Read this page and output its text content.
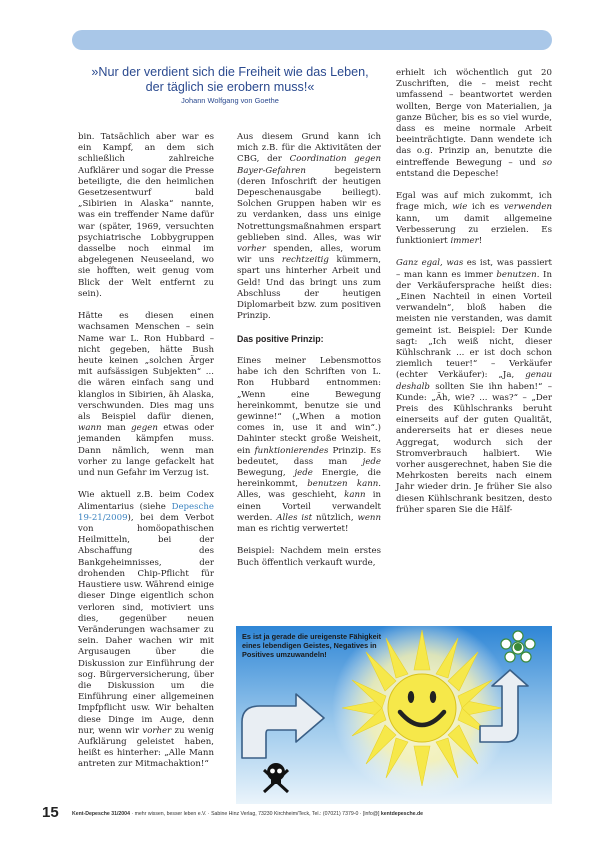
»Nur der verdient sich die Freiheit wie das Leben,
der täglich sie erobern muss!«
Johann Wolfgang von Goethe

bin. Tatsächlich aber war es ein Kampf, an dem sich schließlich zahlreiche Aufklärer und sogar die Presse beteiligte, die den heimlichen Gesetzesentwurf bald „Sibirien in Alaska“ nannte, was ein treffender Name dafür war (später, 1969, versuchten psychiatrische Lobbygruppen dasselbe noch einmal im abgelegenen Neuseeland, wo sie hofften, weit genug vom Blick der Welt entfernt zu sein).

Hätte es diesen einen wachsamen Menschen – sein Name war L. Ron Hubbard – nicht gegeben, hätte Bush heute keinen „solchen Ärger mit aufsässigen Subjekten“ ... die wären einfach sang und klanglos in Sibirien, äh Alaska, verschwunden. Dies mag uns als Beispiel dafür dienen, wann man gegen etwas oder jemanden kämpfen muss. Dann nämlich, wenn man vorher zu lange gefackelt hat und nun Gefahr im Verzug ist.

Wie aktuell z.B. beim Codex Alimentarius (siehe Depesche 19-21/2009), bei dem Verbot von homöopathischen Heilmitteln, bei der Abschaffung des Bankgeheimnisses, der drohenden Chip-Pflicht für Haustiere usw. Während einige dieser Dinge eigentlich schon verloren sind, motiviert uns dies, gegenüber neuen Veränderungen wachsamer zu sein. Daher wachen wir mit Argusaugen über die Diskussion zur Einführung der sog. Bürgerversicherung, über die Diskussion um die Einführung einer allgemeinen Impfpflicht usw. Wir behalten diese Dinge im Auge, denn nur, wenn wir vorher zu wenig Aufklärung geleistet haben, heißt es hinterher: „Alle Mann antreten zur Mitmachaktion!“

Aus diesem Grund kann ich mich z.B. für die Aktivitäten der CBG, der Coordination gegen Bayer-Gefahren begeistern (deren Infoschrift der heutigen Depeschenausgabe beiliegt). Solchen Gruppen haben wir es zu verdanken, dass uns einige Notrettungsmaßnahmen erspart geblieben sind. Alles, was wir vorher spenden, alles, worum wir uns rechtzeitig kümmern, spart uns hinterher Arbeit und Geld! Und das bringt uns zum Abschluss der heutigen Diplomarbeit bzw. zum positiven Prinzip.

Das positive Prinzip:

Eines meiner Lebensmottos habe ich den Schriften von L. Ron Hubbard entnommen: „Wenn eine Bewegung hereinkommt, benutze sie und gewinne!“ („When a motion comes in, use it and win“.) Dahinter steckt große Weisheit, ein funktionierendes Prinzip. Es bedeutet, dass man jede Bewegung, jede Energie, die hereinkommt, benutzen kann. Alles, was geschieht, kann in einen Vorteil verwandelt werden. Alles ist nützlich, wenn man es richtig verwertet!

Beispiel: Nachdem mein erstes Buch öffentlich verkauft wurde,

erhielt ich wöchentlich gut 20 Zuschriften, die – meist recht umfassend – beantwortet werden wollten, Berge von Materialien, ja ganze Bücher, bis es so viel wurde, dass es meine normale Arbeit beeinträchtigte. Dann wendete ich das o.g. Prinzip an, benutzte die eintreffende Bewegung – und so entstand die Depesche!

Egal was auf mich zukommt, ich frage mich, wie ich es verwenden kann, um damit allgemeine Verbesserung zu erzielen. Es funktioniert immer!

Ganz egal, was es ist, was passiert – man kann es immer benutzen. In der Verkäufersprache heißt dies: „Einen Nachteil in einen Vorteil verwandeln“, bloß haben die meisten nie verstanden, was damit gemeint ist. Beispiel: Der Kunde sagt: „Ich weiß nicht, dieser Kühlschrank ... er ist doch schon ziemlich teuer!“ – Verkäufer (echter Verkäufer): „Ja, genau deshalb sollten Sie ihn haben!“ – Kunde: „Äh, wie? ... was?“ – „Der Preis des Kühlschranks beruht einerseits auf der guten Qualität, andererseits hat er dieses neue Aggregat, wodurch sich der Stromverbrauch halbiert. Wie vorher ausgerechnet, haben Sie die Mehrkosten bereits nach einem Jahr wieder drin. Je früher Sie also diesen Kühlschrank besitzen, desto früher sparen Sie die Hälf-

Es ist ja gerade die ureigenste Fähigkeit eines lebendigen Geistes, Negatives in Positives umzuwandeln!
15	Kent-Depesche 31/2004 · mehr wissen, besser leben e.V. · Sabine Hinz Verlag, 73230 Kirchheim/Teck, Tel.: (07021) 7379-0 · [info@] kentdepesche.de
